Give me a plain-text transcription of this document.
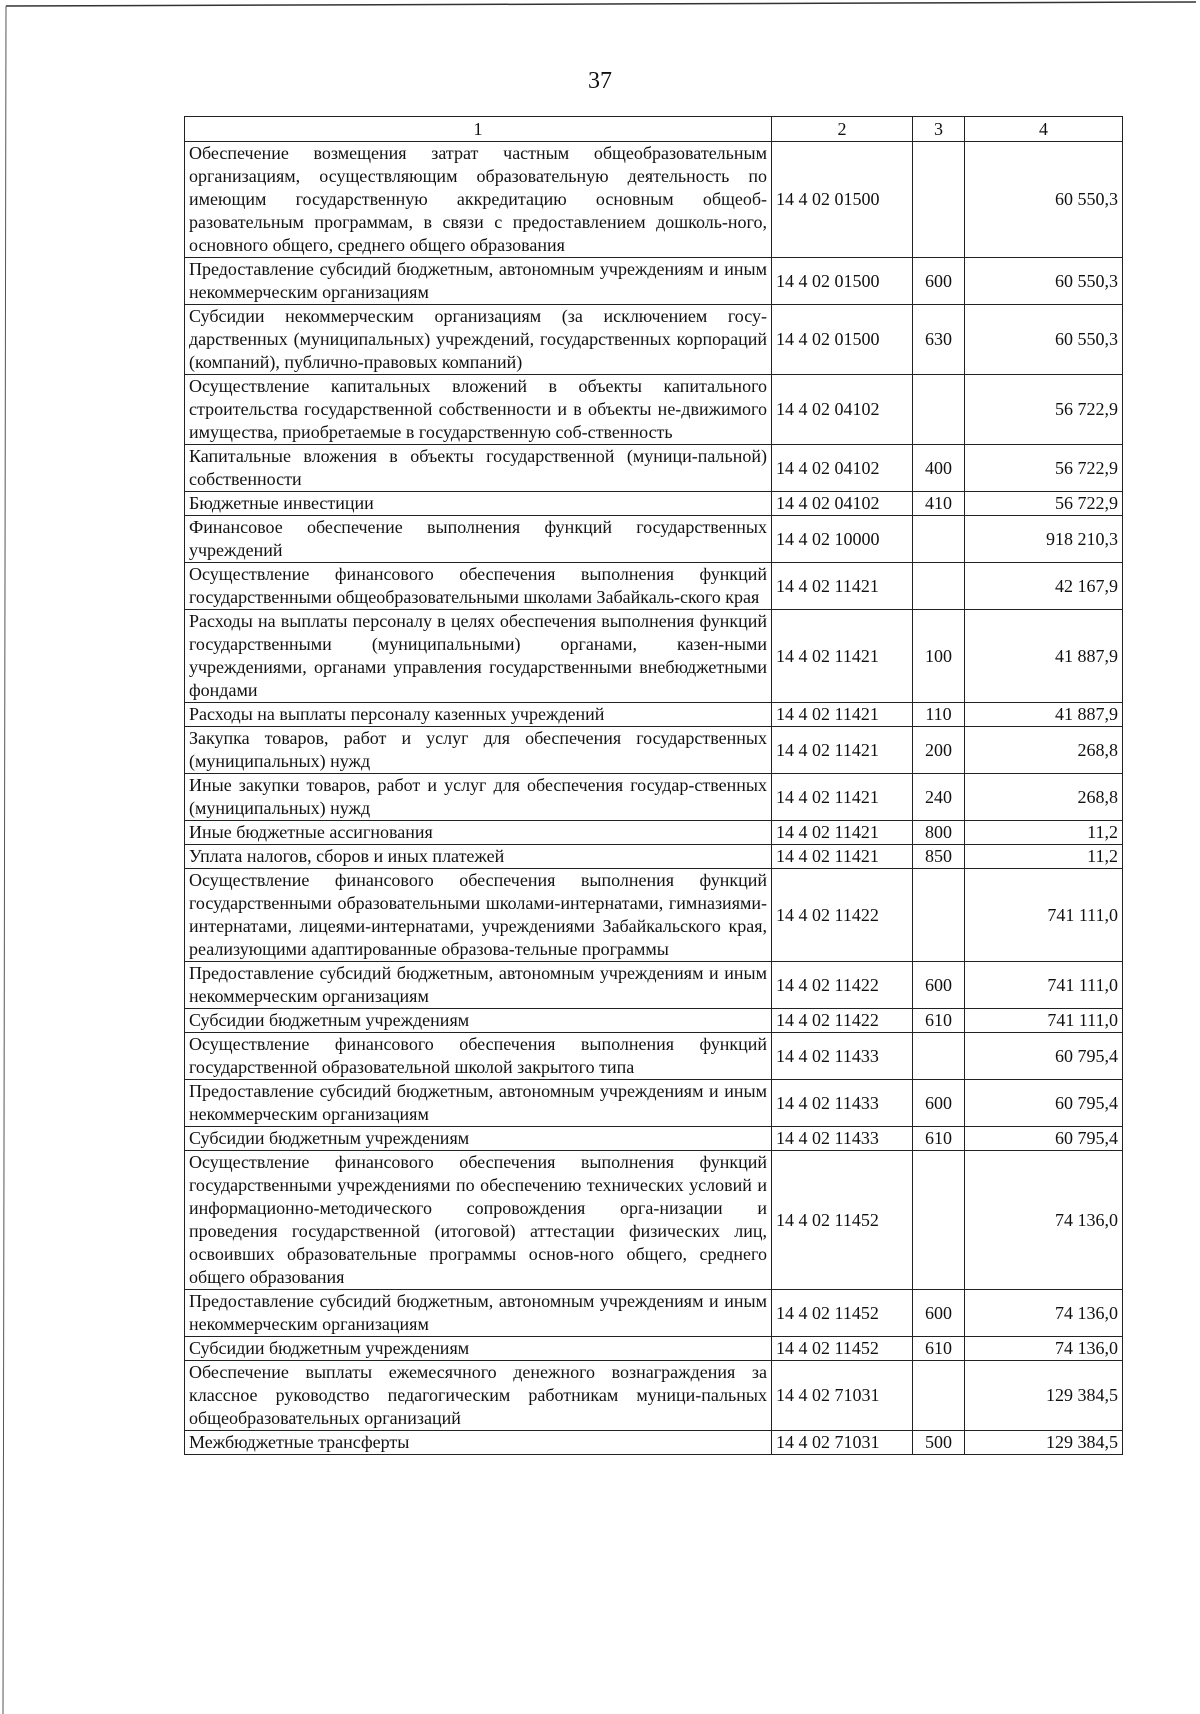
37
1	2	3	4
Обеспечение возмещения затрат частным общеобразовательным организациям, осуществляющим образовательную деятельность по имеющим государственную аккредитацию основным общеоб-разовательным программам, в связи с предоставлением дошколь-ного, основного общего, среднего общего образования	14 4 02 01500		60 550,3
Предоставление субсидий бюджетным, автономным учреждениям и иным некоммерческим организациям	14 4 02 01500	600	60 550,3
Субсидии некоммерческим организациям (за исключением госу-дарственных (муниципальных) учреждений, государственных корпораций (компаний), публично-правовых компаний)	14 4 02 01500	630	60 550,3
Осуществление капитальных вложений в объекты капитального строительства государственной собственности и в объекты не-движимого имущества, приобретаемые в государственную соб-ственность	14 4 02 04102		56 722,9
Капитальные вложения в объекты государственной (муници-пальной) собственности	14 4 02 04102	400	56 722,9
Бюджетные инвестиции	14 4 02 04102	410	56 722,9
Финансовое обеспечение выполнения функций государственных учреждений	14 4 02 10000		918 210,3
Осуществление финансового обеспечения выполнения функций государственными общеобразовательными школами Забайкаль-ского края	14 4 02 11421		42 167,9
Расходы на выплаты персоналу в целях обеспечения выполнения функций государственными (муниципальными) органами, казен-ными учреждениями, органами управления государственными внебюджетными фондами	14 4 02 11421	100	41 887,9
Расходы на выплаты персоналу казенных учреждений	14 4 02 11421	110	41 887,9
Закупка товаров, работ и услуг для обеспечения государственных (муниципальных) нужд	14 4 02 11421	200	268,8
Иные закупки товаров, работ и услуг для обеспечения государ-ственных (муниципальных) нужд	14 4 02 11421	240	268,8
Иные бюджетные ассигнования	14 4 02 11421	800	11,2
Уплата налогов, сборов и иных платежей	14 4 02 11421	850	11,2
Осуществление финансового обеспечения выполнения функций государственными образовательными школами-интернатами, гимназиями-интернатами, лицеями-интернатами, учреждениями Забайкальского края, реализующими адаптированные образова-тельные программы	14 4 02 11422		741 111,0
Предоставление субсидий бюджетным, автономным учреждениям и иным некоммерческим организациям	14 4 02 11422	600	741 111,0
Субсидии бюджетным учреждениям	14 4 02 11422	610	741 111,0
Осуществление финансового обеспечения выполнения функций государственной образовательной школой закрытого типа	14 4 02 11433		60 795,4
Предоставление субсидий бюджетным, автономным учреждениям и иным некоммерческим организациям	14 4 02 11433	600	60 795,4
Субсидии бюджетным учреждениям	14 4 02 11433	610	60 795,4
Осуществление финансового обеспечения выполнения функций государственными учреждениями по обеспечению технических условий и информационно-методического сопровождения орга-низации и проведения государственной (итоговой) аттестации физических лиц, освоивших образовательные программы основ-ного общего, среднего общего образования	14 4 02 11452		74 136,0
Предоставление субсидий бюджетным, автономным учреждениям и иным некоммерческим организациям	14 4 02 11452	600	74 136,0
Субсидии бюджетным учреждениям	14 4 02 11452	610	74 136,0
Обеспечение выплаты ежемесячного денежного вознаграждения за классное руководство педагогическим работникам муници-пальных общеобразовательных организаций	14 4 02 71031		129 384,5
Межбюджетные трансферты	14 4 02 71031	500	129 384,5
